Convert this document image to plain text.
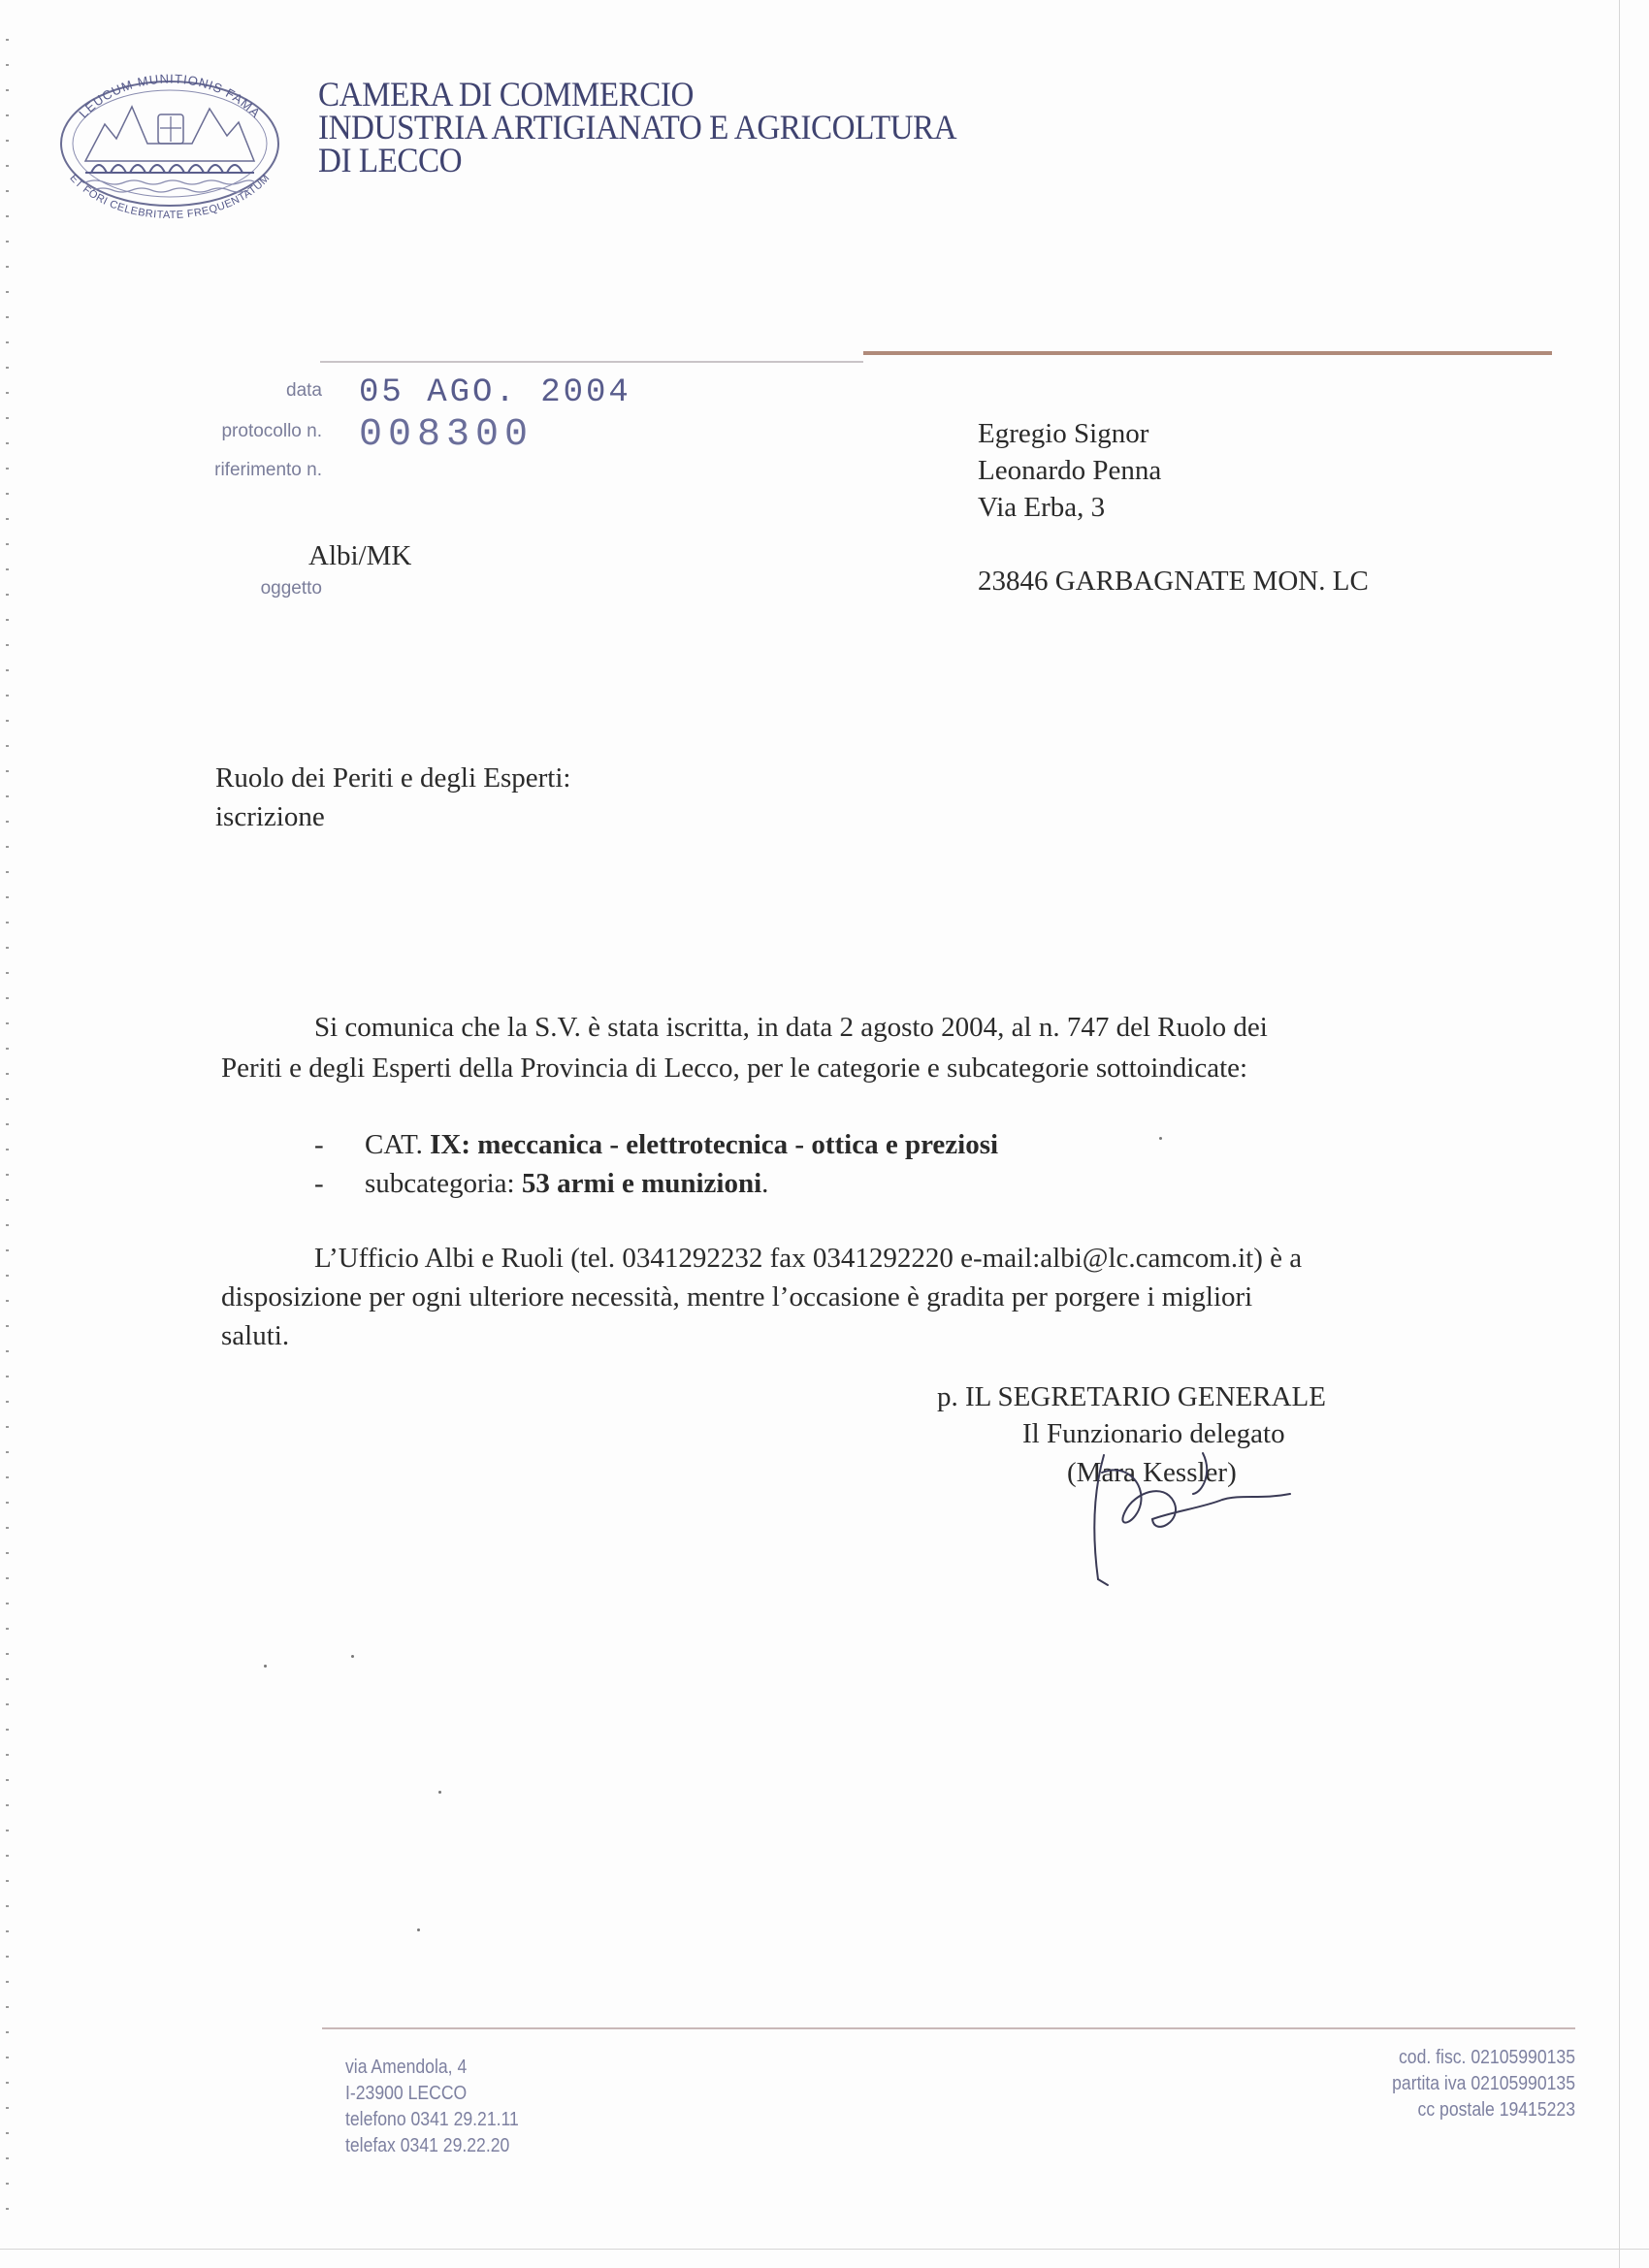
LEUCUM MUNITIONIS FAMA
ET FORI CELEBRITATE FREQUENTATUM
CAMERA DI COMMERCIO
INDUSTRIA ARTIGIANATO E AGRICOLTURA
DI LECCO
data
protocollo n.
riferimento n.
oggetto
05 AGO. 2004
008300
Albi/MK
Egregio Signor
Leonardo Penna
Via Erba, 3
23846 GARBAGNATE MON. LC
Ruolo dei Periti e degli Esperti:
iscrizione
Si comunica che la S.V. è stata iscritta, in data 2 agosto 2004, al n. 747 del Ruolo dei
Periti e degli Esperti della Provincia di Lecco, per le categorie e subcategorie sottoindicate:
- CAT. IX: meccanica - elettrotecnica - ottica e preziosi
- subcategoria: 53 armi e munizioni.
L’Ufficio Albi e Ruoli (tel. 0341292232 fax 0341292220 e-mail:albi@lc.camcom.it) è a
disposizione per ogni ulteriore necessità, mentre l’occasione è gradita per porgere i migliori
saluti.
p. IL SEGRETARIO GENERALE
Il Funzionario delegato
(Mara Kessler)
via Amendola, 4
I-23900 LECCO
telefono 0341 29.21.11
telefax 0341 29.22.20
cod. fisc. 02105990135
partita iva 02105990135
cc postale 19415223
